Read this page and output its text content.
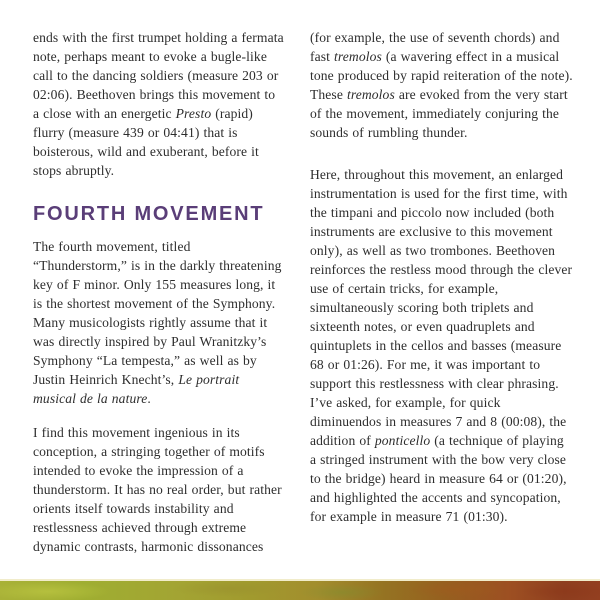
ends with the first trumpet holding a fermata note, perhaps meant to evoke a bugle-like call to the dancing soldiers (measure 203 or 02:06). Beethoven brings this movement to a close with an energetic Presto (rapid) flurry (measure 439 or 04:41) that is boisterous, wild and exuberant, before it stops abruptly.

FOURTH MOVEMENT

The fourth movement, titled “Thunderstorm,” is in the darkly threatening key of F minor. Only 155 measures long, it is the shortest movement of the Symphony. Many musicologists rightly assume that it was directly inspired by Paul Wranitzky’s Symphony “La tempesta,” as well as by Justin Heinrich Knecht’s, Le portrait musical de la nature.

I find this movement ingenious in its conception, a stringing together of motifs intended to evoke the impression of a thunderstorm. It has no real order, but rather orients itself towards instability and restlessness achieved through extreme dynamic contrasts, harmonic dissonances

(for example, the use of seventh chords) and fast tremolos (a wavering effect in a musical tone produced by rapid reiteration of the note). These tremolos are evoked from the very start of the movement, immediately conjuring the sounds of rumbling thunder.

Here, throughout this movement, an enlarged instrumentation is used for the first time, with the timpani and piccolo now included (both instruments are exclusive to this movement only), as well as two trombones. Beethoven reinforces the restless mood through the clever use of certain tricks, for example, simultaneously scoring both triplets and sixteenth notes, or even quadruplets and quintuplets in the cellos and basses (measure 68 or 01:26). For me, it was important to support this restlessness with clear phrasing. I’ve asked, for example, for quick diminuendos in measures 7 and 8 (00:08), the addition of ponticello (a technique of playing a stringed instrument with the bow very close to the bridge) heard in measure 64 or (01:20), and highlighted the accents and syncopation, for example in measure 71 (01:30).
